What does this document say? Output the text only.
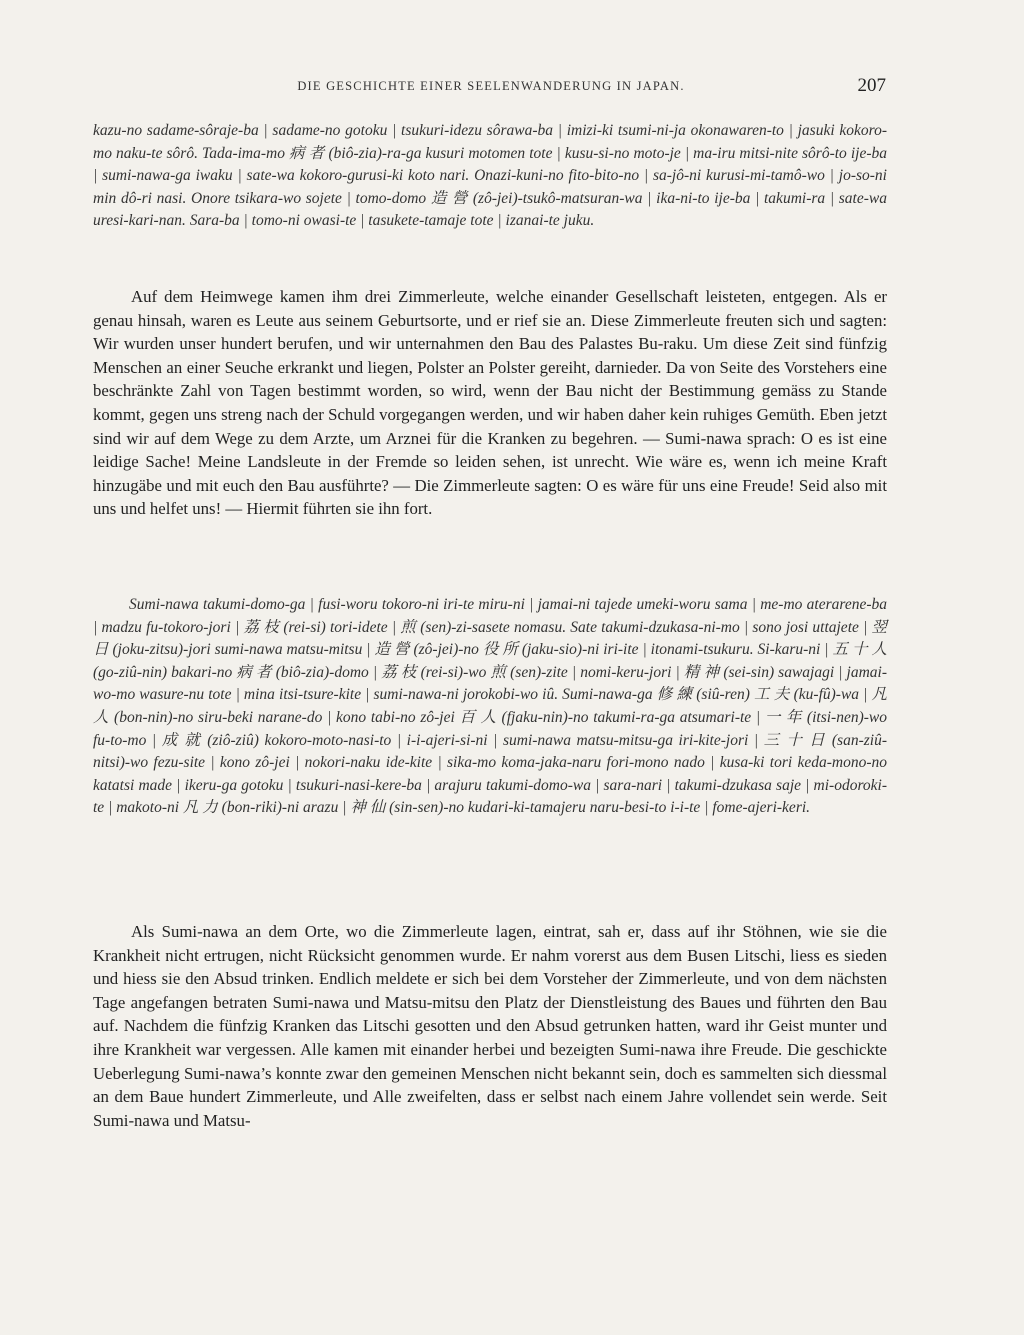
DIE GESCHICHTE EINER SEELENWANDERUNG IN JAPAN.	207

kazu-no sadame-sôraje-ba | sadame-no gotoku | tsukuri-idezu sôrawa-ba | imizi-ki tsumi-ni-ja okonawaren-to | jasuki kokoro-mo naku-te sôrô. Tada-ima-mo 病 者 (biô-zia)-ra-ga kusuri motomen tote | kusu-si-no moto-je | ma-iru mitsi-nite sôrô-to ije-ba | sumi-nawa-ga iwaku | sate-wa kokoro-gurusi-ki koto nari. Onazi-kuni-no fito-bito-no | sa-jô-ni kurusi-mi-tamô-wo | jo-so-ni min dô-ri nasi. Onore tsikara-wo sojete | tomo-domo 造 營 (zô-jei)-tsukô-matsuran-wa | ika-ni-to ije-ba | takumi-ra | sate-wa uresi-kari-nan. Sara-ba | tomo-ni owasi-te | tasukete-tamaje tote | izanai-te juku.

Auf dem Heimwege kamen ihm drei Zimmerleute, welche einander Gesellschaft leisteten, entgegen. Als er genau hinsah, waren es Leute aus seinem Geburtsorte, und er rief sie an. Diese Zimmerleute freuten sich und sagten: Wir wurden unser hundert berufen, und wir unternahmen den Bau des Palastes Bu-raku. Um diese Zeit sind fünfzig Menschen an einer Seuche erkrankt und liegen, Polster an Polster gereiht, darnieder. Da von Seite des Vorstehers eine beschränkte Zahl von Tagen bestimmt worden, so wird, wenn der Bau nicht der Bestimmung gemäss zu Stande kommt, gegen uns streng nach der Schuld vorgegangen werden, und wir haben daher kein ruhiges Gemüth. Eben jetzt sind wir auf dem Wege zu dem Arzte, um Arznei für die Kranken zu begehren. — Sumi-nawa sprach: O es ist eine leidige Sache! Meine Landsleute in der Fremde so leiden sehen, ist unrecht. Wie wäre es, wenn ich meine Kraft hinzugäbe und mit euch den Bau ausführte? — Die Zimmerleute sagten: O es wäre für uns eine Freude! Seid also mit uns und helfet uns! — Hiermit führten sie ihn fort.

Sumi-nawa takumi-domo-ga | fusi-woru tokoro-ni iri-te miru-ni | jamai-ni tajede umeki-woru sama | me-mo aterarene-ba | madzu fu-tokoro-jori | 荔 枝 (rei-si) tori-idete | 煎 (sen)-zi-sasete nomasu. Sate takumi-dzukasa-ni-mo | sono josi uttajete | 翌 日 (joku-zitsu)-jori sumi-nawa matsu-mitsu | 造 營 (zô-jei)-no 役 所 (jaku-sio)-ni iri-ite | itonami-tsukuru. Si-karu-ni | 五 十 人 (go-ziû-nin) bakari-no 病 者 (biô-zia)-domo | 荔 枝 (rei-si)-wo 煎 (sen)-zite | nomi-keru-jori | 精 神 (sei-sin) sawajagi | jamai-wo-mo wasure-nu tote | mina itsi-tsure-kite | sumi-nawa-ni jorokobi-wo iû. Sumi-nawa-ga 修 練 (siû-ren) 工 夫 (ku-fû)-wa | 凡 人 (bon-nin)-no siru-beki narane-do | kono tabi-no zô-jei 百 人 (fjaku-nin)-no takumi-ra-ga atsumari-te | 一 年 (itsi-nen)-wo fu-to-mo | 成 就 (ziô-ziû) kokoro-moto-nasi-to | i-i-ajeri-si-ni | sumi-nawa matsu-mitsu-ga iri-kite-jori | 三 十 日 (san-ziû-nitsi)-wo fezu-site | kono zô-jei | nokori-naku ide-kite | sika-mo koma-jaka-naru fori-mono nado | kusa-ki tori keda-mono-no katatsi made | ikeru-ga gotoku | tsukuri-nasi-kere-ba | arajuru takumi-domo-wa | sara-nari | takumi-dzukasa saje | mi-odoroki-te | makoto-ni 凡 力 (bon-riki)-ni arazu | 神 仙 (sin-sen)-no kudari-ki-tamajeru naru-besi-to i-i-te | fome-ajeri-keri.

Als Sumi-nawa an dem Orte, wo die Zimmerleute lagen, eintrat, sah er, dass auf ihr Stöhnen, wie sie die Krankheit nicht ertrugen, nicht Rücksicht genommen wurde. Er nahm vorerst aus dem Busen Litschi, liess es sieden und hiess sie den Absud trinken. Endlich meldete er sich bei dem Vorsteher der Zimmerleute, und von dem nächsten Tage angefangen betraten Sumi-nawa und Matsu-mitsu den Platz der Dienstleistung des Baues und führten den Bau auf. Nachdem die fünfzig Kranken das Litschi gesotten und den Absud getrunken hatten, ward ihr Geist munter und ihre Krankheit war vergessen. Alle kamen mit einander herbei und bezeigten Sumi-nawa ihre Freude. Die geschickte Ueberlegung Sumi-nawa’s konnte zwar den gemeinen Menschen nicht bekannt sein, doch es sammelten sich diessmal an dem Baue hundert Zimmerleute, und Alle zweifelten, dass er selbst nach einem Jahre vollendet sein werde. Seit Sumi-nawa und Matsu-
